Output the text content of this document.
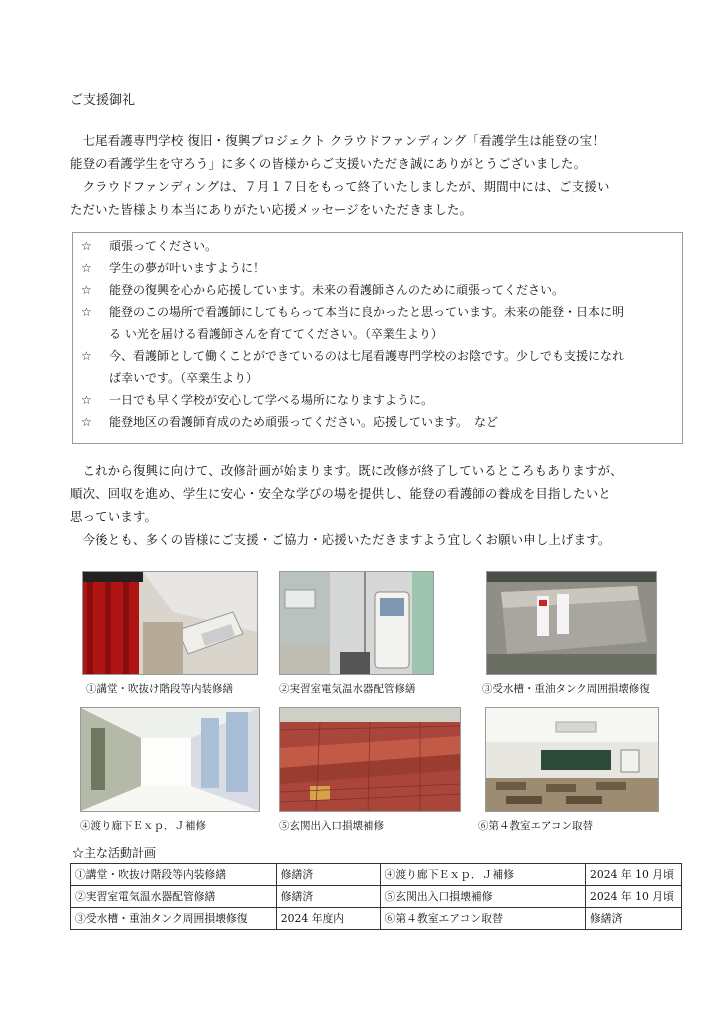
ご支援御礼
　七尾看護専門学校 復旧・復興プロジェクト クラウドファンディング「看護学生は能登の宝！
能登の看護学生を守ろう」に多くの皆様からご支援いただき誠にありがとうございました。
　クラウドファンディングは、７月１７日をもって終了いたしましたが、期間中には、ご支援い
ただいた皆様より本当にありがたい応援メッセージをいただきました。
☆ 頑張ってください。
☆ 学生の夢が叶いますように！
☆ 能登の復興を心から応援しています。未来の看護師さんのために頑張ってください。
☆ 能登のこの場所で看護師にしてもらって本当に良かったと思っています。未来の能登・日本に明
る い光を届ける看護師さんを育ててください。（卒業生より）
☆ 今、看護師として働くことができているのは七尾看護専門学校のお陰です。少しでも支援になれ
ば幸いです。（卒業生より）
☆ 一日でも早く学校が安心して学べる場所になりますように。
☆ 能登地区の看護師育成のため頑張ってください。応援しています。　など
　これから復興に向けて、改修計画が始まります。既に改修が終了しているところもありますが、
順次、回収を進め、学生に安心・安全な学びの場を提供し、能登の看護師の養成を目指したいと
思っています。
　今後とも、多くの皆様にご支援・ご協力・応援いただきますよう宜しくお願い申し上げます。
①講堂・吹抜け階段等内装修繕	②実習室電気温水器配管修繕	③受水槽・重油タンク周囲損壊修復
④渡り廊下Ｅｘｐ．Ｊ補修	⑤玄関出入口損壊補修	⑥第４教室エアコン取替
☆主な活動計画
①講堂・吹抜け階段等内装修繕	修繕済	④渡り廊下Ｅｘｐ．Ｊ補修	2024 年 10 月頃
②実習室電気温水器配管修繕	修繕済	⑤玄関出入口損壊補修	2024 年 10 月頃
③受水槽・重油タンク周囲損壊修復	2024 年度内	⑥第４教室エアコン取替	修繕済
